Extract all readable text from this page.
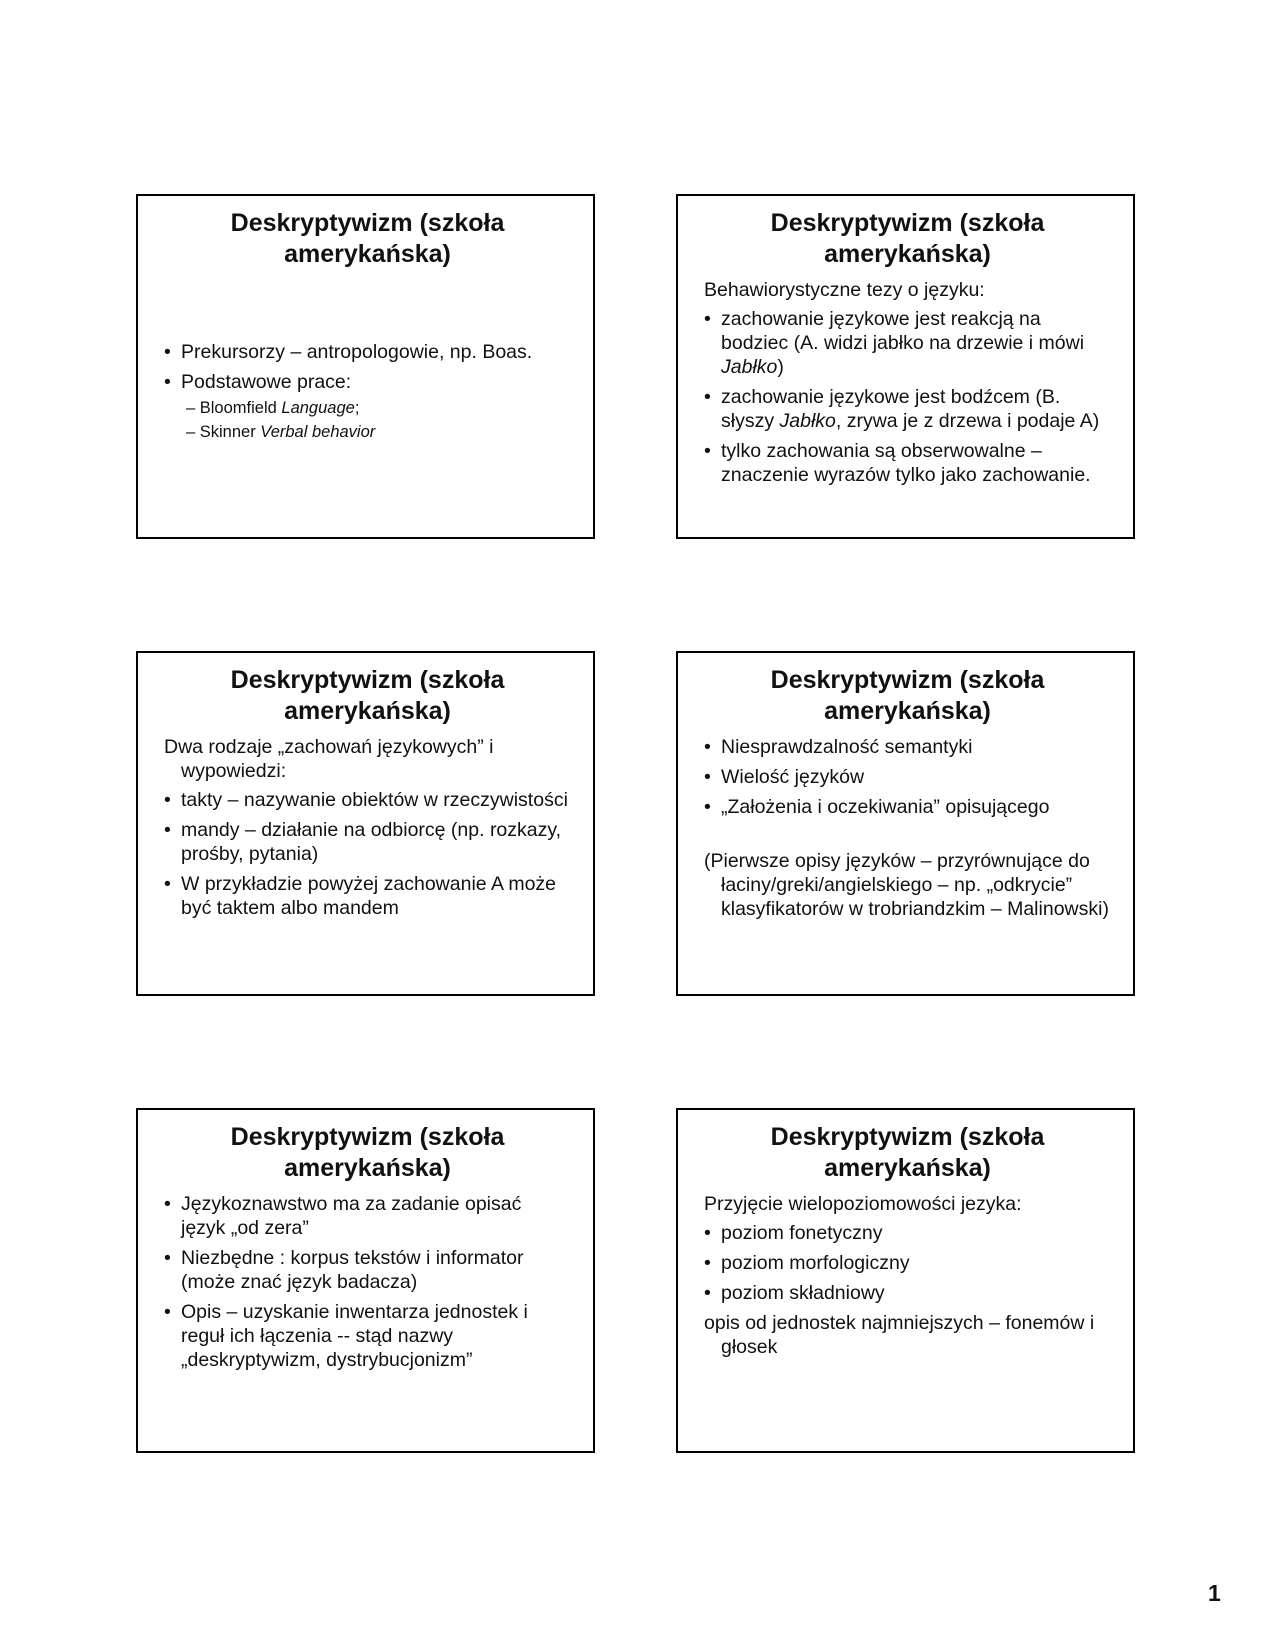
Deskryptywizm (szkoła
amerykańska)
• Prekursorzy – antropologowie, np. Boas.
• Podstawowe prace:
– Bloomfield Language;
– Skinner Verbal behavior
Deskryptywizm (szkoła
amerykańska)
Behawiorystyczne tezy o języku:
• zachowanie językowe jest reakcją na bodziec (A. widzi jabłko na drzewie i mówi Jabłko)
• zachowanie językowe jest bodźcem (B. słyszy Jabłko, zrywa je z drzewa i podaje A)
• tylko zachowania są obserwowalne – znaczenie wyrazów tylko jako zachowanie.
Deskryptywizm (szkoła
amerykańska)
Dwa rodzaje „zachowań językowych” i wypowiedzi:
• takty – nazywanie obiektów w rzeczywistości
• mandy – działanie na odbiorcę (np. rozkazy, prośby, pytania)
• W przykładzie powyżej zachowanie A może być taktem albo mandem
Deskryptywizm (szkoła
amerykańska)
• Niesprawdzalność semantyki
• Wielość języków
• „Założenia i oczekiwania” opisującego
(Pierwsze opisy języków – przyrównujące do łaciny/greki/angielskiego – np. „odkrycie” klasyfikatorów w trobriandzkim – Malinowski)
Deskryptywizm (szkoła
amerykańska)
• Językoznawstwo ma za zadanie opisać język „od zera”
• Niezbędne : korpus tekstów i informator (może znać język badacza)
• Opis – uzyskanie inwentarza jednostek i reguł ich łączenia -- stąd nazwy „deskryptywizm, dystrybucjonizm”
Deskryptywizm (szkoła
amerykańska)
Przyjęcie wielopoziomowości jezyka:
• poziom fonetyczny
• poziom morfologiczny
• poziom składniowy
opis od jednostek najmniejszych – fonemów i głosek
1
